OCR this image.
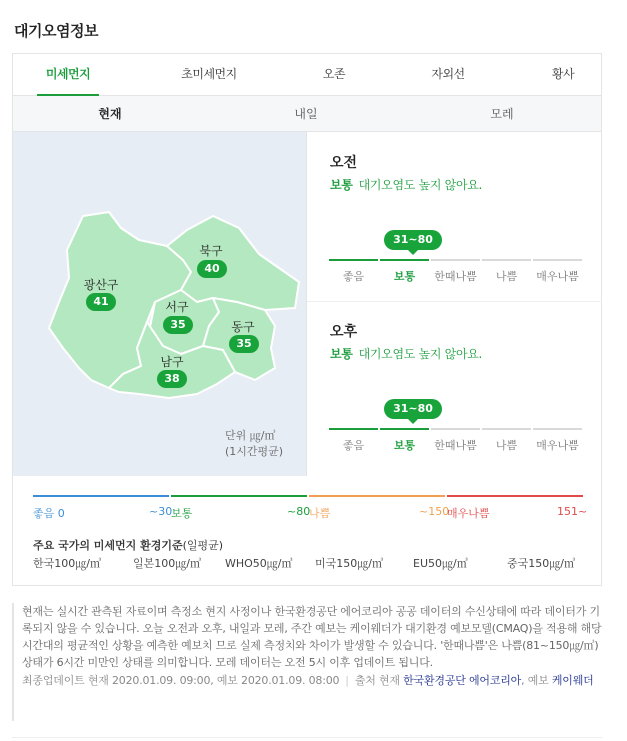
대기오염정보
미세먼지	초미세먼지	오존	자외선	황사
현재	내일	모레
광산구
41
북구
40
서구
35	동구
35
남구
38
단위 ㎍/㎥
(1시간평균)
오전
보통 대기오염도 높지 않아요.
31~80
좋음	보통	한때나쁨	나쁨	매우나쁨
오후
보통 대기오염도 높지 않아요.
31~80
좋음	보통	한때나쁨	나쁨	매우나쁨
좋음 0	~30
보통	~80
나쁨	~150
매우나쁨	151~
주요 국가의 미세먼지 환경기준(일평균)
한국100㎍/㎥	일본100㎍/㎥ WHO50㎍/㎥ 미국150㎍/㎥	EU50㎍/㎥	중국150㎍/㎥
현재는 실시간 관측된 자료이며 측정소 현지 사정이나 한국환경공단 에어코리아 공공 데이터의 수신상태에 따라 데이터가 기록되지 않을 수 있습니다. 오늘 오전과 오후, 내일과 모레, 주간 예보는 케이웨더가 대기환경 예보모델(CMAQ)을 적용해 해당 시간대의 평균적인 상황을 예측한 예보치 므로 실제 측정치와 차이가 발생할 수 있습니다. '한때나쁨'은 나쁨(81~150㎍/㎥)상태가 6시간 미만인 상태를 의미합니다. 모레 데이터는 오전 5시 이후 업데이트 됩니다.
최종업데이트 현재 2020.01.09. 09:00, 예보 2020.01.09. 08:00 | 출처 현재 한국환경공단 에어코리아, 예보 케이웨더
